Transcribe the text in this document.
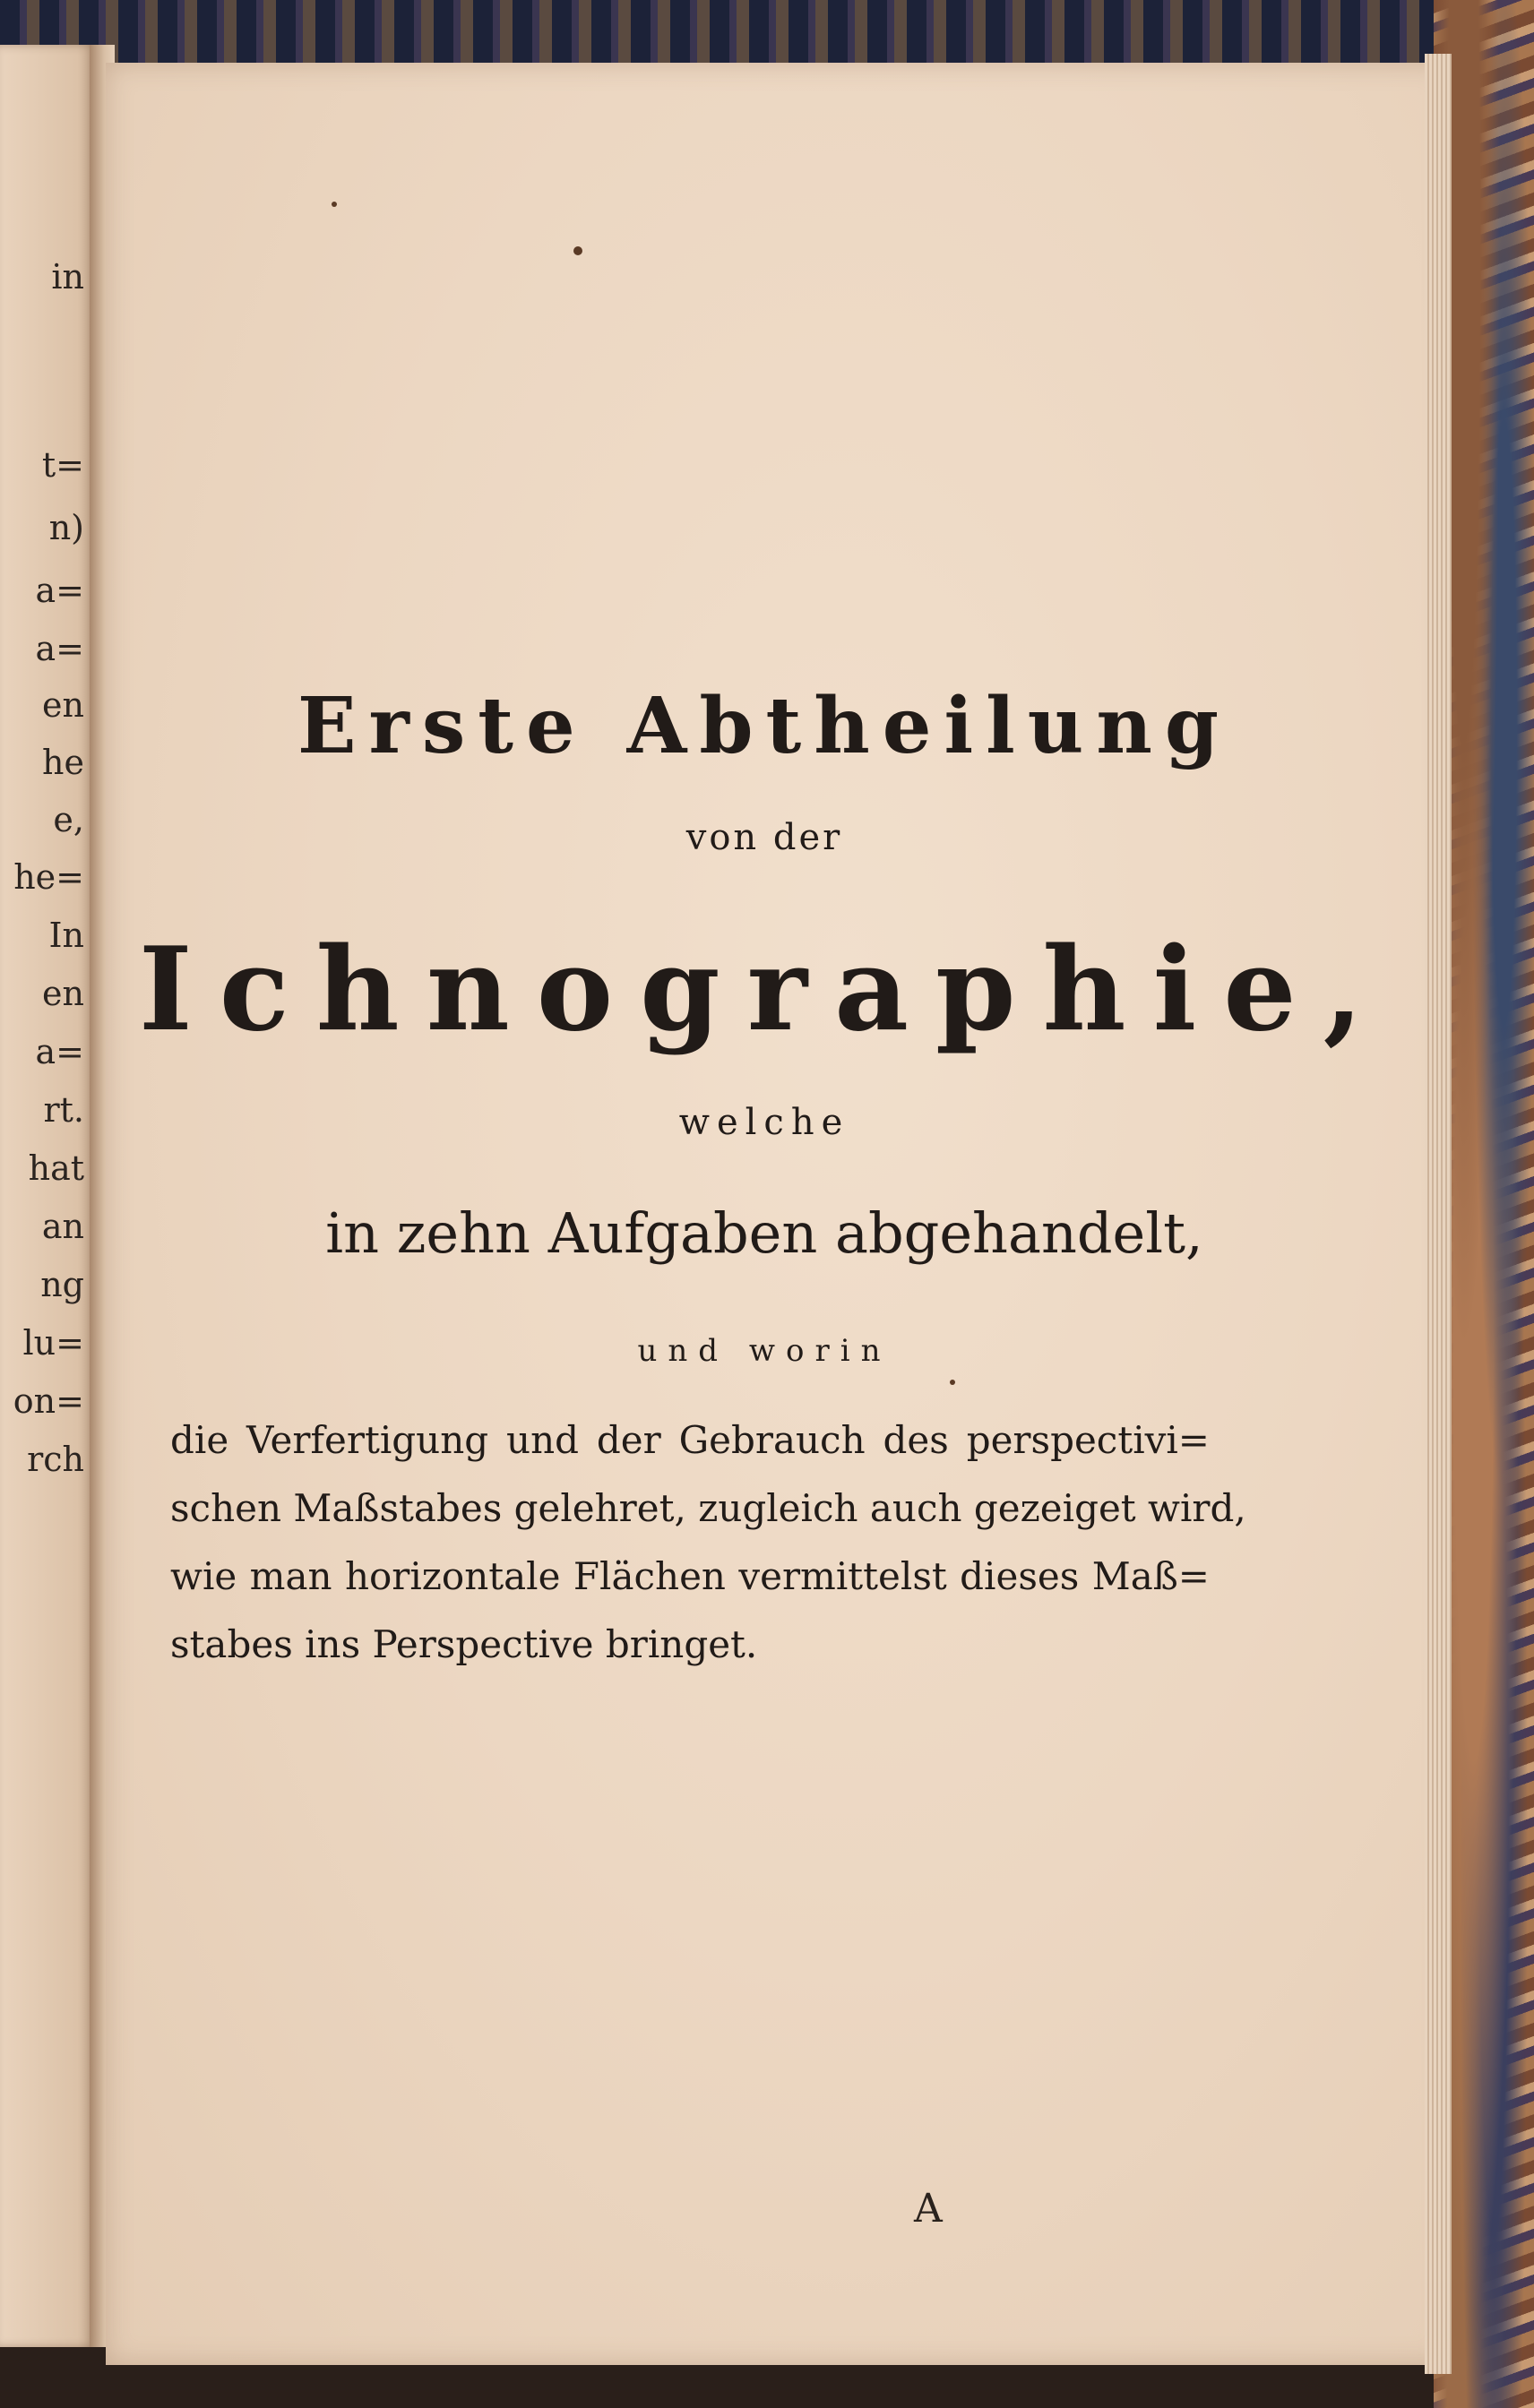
in
t=
n)
a=
a=
en
he
e,
he=
In
en
a=
rt.
hat
an
ng
lu=
on=
rch
Erste Abtheilung
von der
Ichnographie,
welche
in zehn Aufgaben abgehandelt,
und worin
die Verfertigung und der Gebrauch des perspectivi=
schen Maßstabes gelehret, zugleich auch gezeiget wird,
wie man horizontale Flächen vermittelst dieses Maß=
stabes ins Perspective bringet.
A
